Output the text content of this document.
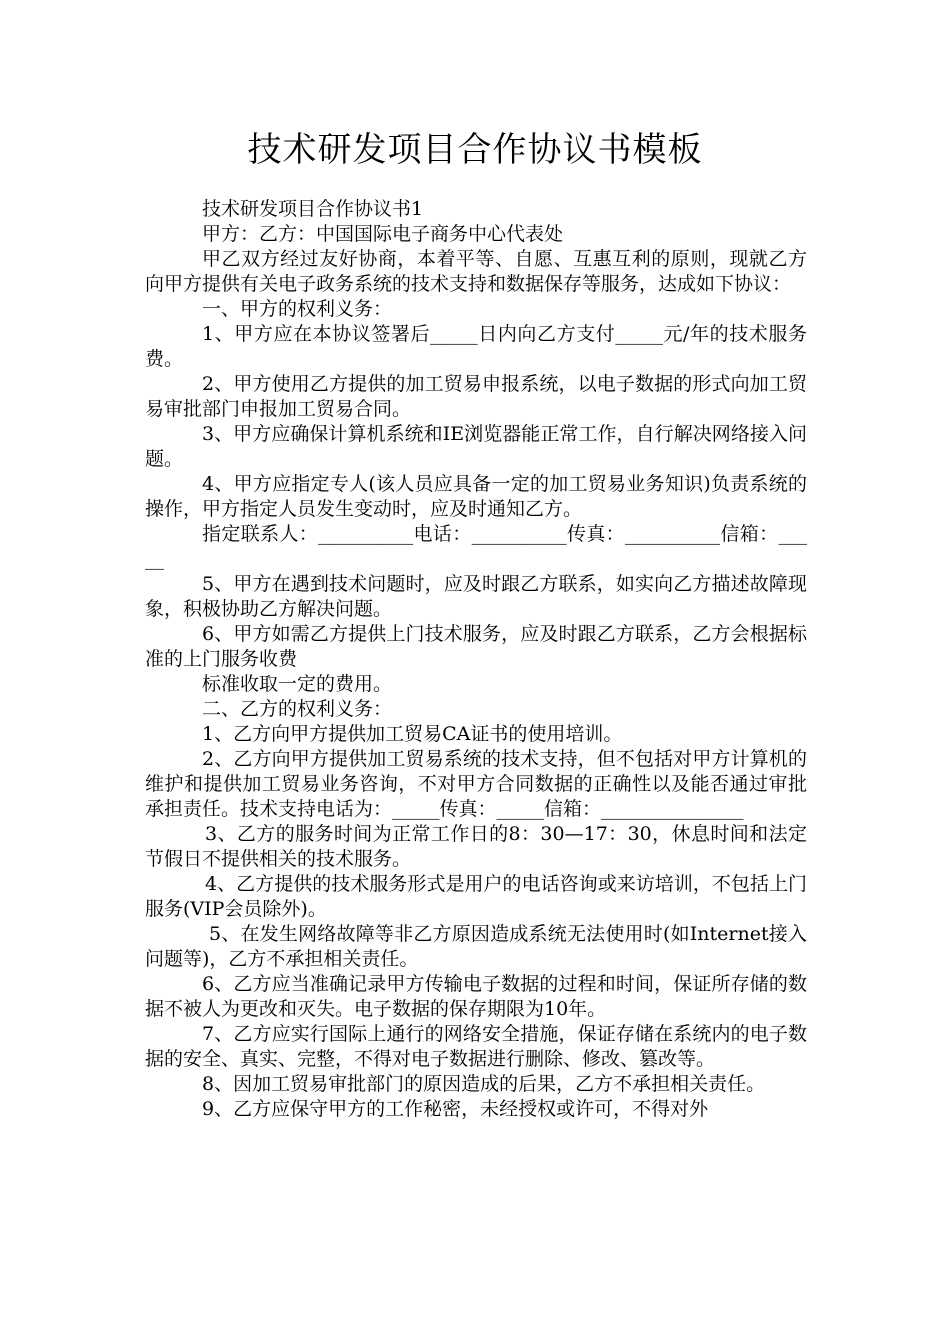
技术研发项目合作协议书模板

技术研发项目合作协议书1

甲方：乙方：中国国际电子商务中心代表处

甲乙双方经过友好协商，本着平等、自愿、互惠互利的原则，现就乙方向甲方提供有关电子政务系统的技术支持和数据保存等服务，达成如下协议：

一、甲方的权利义务：

1、甲方应在本协议签署后_____日内向乙方支付_____元/年的技术服务费。

2、甲方使用乙方提供的加工贸易申报系统，以电子数据的形式向加工贸易审批部门申报加工贸易合同。

3、甲方应确保计算机系统和IE浏览器能正常工作，自行解决网络接入问题。

4、甲方应指定专人(该人员应具备一定的加工贸易业务知识)负责系统的操作，甲方指定人员发生变动时，应及时通知乙方。

指定联系人：__________电话：__________传真：__________信箱：_____

5、甲方在遇到技术问题时，应及时跟乙方联系，如实向乙方描述故障现象，积极协助乙方解决问题。

6、甲方如需乙方提供上门技术服务，应及时跟乙方联系，乙方会根据标准的上门服务收费

标准收取一定的费用。

二、乙方的权利义务：

1、乙方向甲方提供加工贸易CA证书的使用培训。

2、乙方向甲方提供加工贸易系统的技术支持，但不包括对甲方计算机的维护和提供加工贸易业务咨询，不对甲方合同数据的正确性以及能否通过审批承担责任。技术支持电话为：_____传真：_____信箱：_______________

3、乙方的服务时间为正常工作日的8：30—17：30，休息时间和法定节假日不提供相关的技术服务。

4、乙方提供的技术服务形式是用户的电话咨询或来访培训，不包括上门服务(VIP会员除外)。

5、在发生网络故障等非乙方原因造成系统无法使用时(如Internet接入问题等)，乙方不承担相关责任。

6、乙方应当准确记录甲方传输电子数据的过程和时间，保证所存储的数据不被人为更改和灭失。电子数据的保存期限为10年。

7、乙方应实行国际上通行的网络安全措施，保证存储在系统内的电子数据的安全、真实、完整，不得对电子数据进行删除、修改、篡改等。

8、因加工贸易审批部门的原因造成的后果，乙方不承担相关责任。

9、乙方应保守甲方的工作秘密，未经授权或许可，不得对外
